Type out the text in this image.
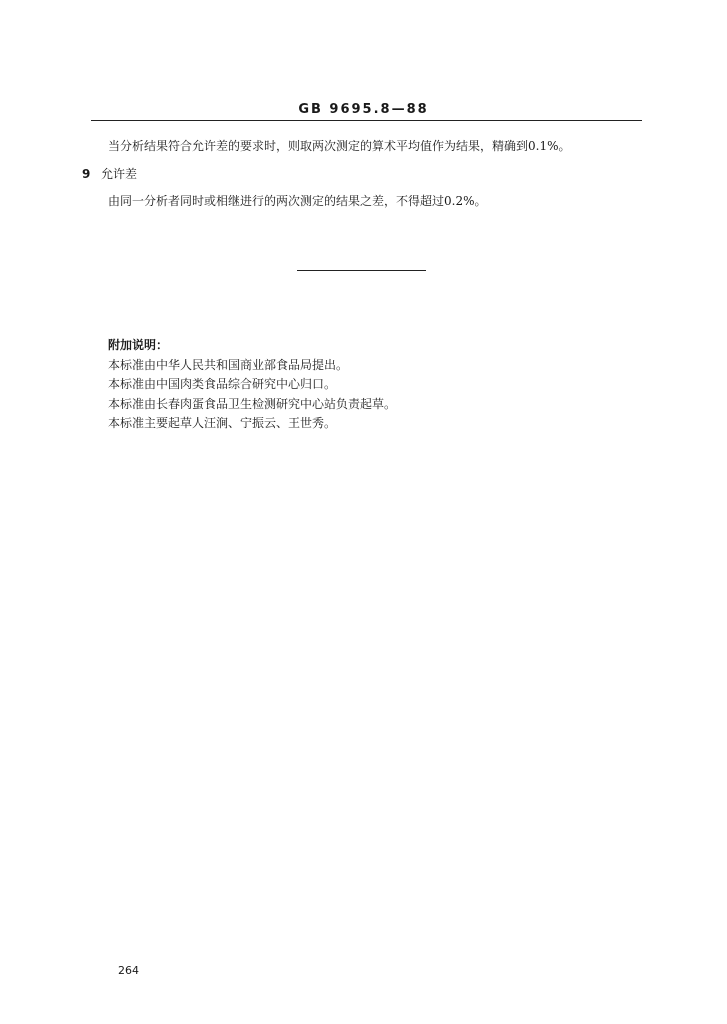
GB 9695.8—88
当分析结果符合允许差的要求时，则取两次测定的算术平均值作为结果，精确到0.1%。
9 允许差
由同一分析者同时或相继进行的两次测定的结果之差，不得超过0.2%。
附加说明：
本标准由中华人民共和国商业部食品局提出。
本标准由中国肉类食品综合研究中心归口。
本标准由长春肉蛋食品卫生检测研究中心站负责起草。
本标准主要起草人汪涧、宁振云、王世秀。
264
